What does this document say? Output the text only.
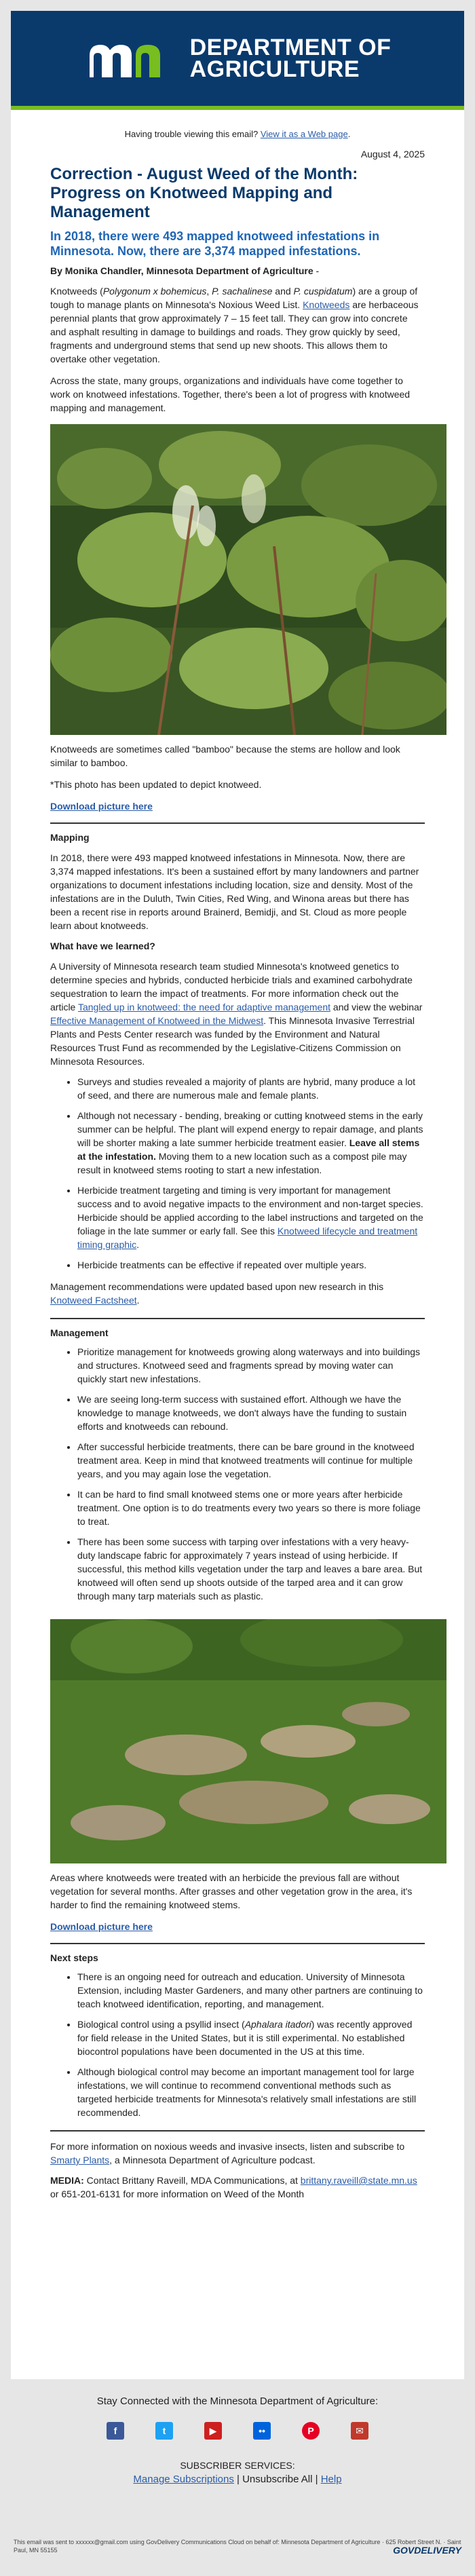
DEPARTMENT OF
AGRICULTURE
Having trouble viewing this email? View it as a Web page.
August 4, 2025
Correction - August Weed of the Month: Progress on Knotweed Mapping and Management
In 2018, there were 493 mapped knotweed infestations in Minnesota. Now, there are 3,374 mapped infestations.
By Monika Chandler, Minnesota Department of Agriculture -

Knotweeds (Polygonum x bohemicus, P. sachalinese and P. cuspidatum) are a group of tough to manage plants on Minnesota's Noxious Weed List. Knotweeds are herbaceous perennial plants that grow approximately 7 – 15 feet tall. They can grow into concrete and asphalt resulting in damage to buildings and roads. They grow quickly by seed, fragments and underground stems that send up new shoots. This allows them to overtake other vegetation.

Across the state, many groups, organizations and individuals have come together to work on knotweed infestations. Together, there's been a lot of progress with knotweed mapping and management.

Knotweeds are sometimes called "bamboo" because the stems are hollow and look similar to bamboo.

*This photo has been updated to depict knotweed.

Download picture here
Mapping

In 2018, there were 493 mapped knotweed infestations in Minnesota. Now, there are 3,374 mapped infestations. It's been a sustained effort by many landowners and partner organizations to document infestations including location, size and density. Most of the infestations are in the Duluth, Twin Cities, Red Wing, and Winona areas but there has been a recent rise in reports around Brainerd, Bemidji, and St. Cloud as more people learn about knotweeds.

What have we learned?

A University of Minnesota research team studied Minnesota's knotweed genetics to determine species and hybrids, conducted herbicide trials and examined carbohydrate sequestration to learn the impact of treatments. For more information check out the article Tangled up in knotweed: the need for adaptive management and view the webinar Effective Management of Knotweed in the Midwest. This Minnesota Invasive Terrestrial Plants and Pests Center research was funded by the Environment and Natural Resources Trust Fund as recommended by the Legislative-Citizens Commission on Minnesota Resources.

• Surveys and studies revealed a majority of plants are hybrid, many produce a lot of seed, and there are numerous male and female plants.
• Although not necessary - bending, breaking or cutting knotweed stems in the early summer can be helpful. The plant will expend energy to repair damage, and plants will be shorter making a late summer herbicide treatment easier. Leave all stems at the infestation. Moving them to a new location such as a compost pile may result in knotweed stems rooting to start a new infestation.
• Herbicide treatment targeting and timing is very important for management success and to avoid negative impacts to the environment and non-target species. Herbicide should be applied according to the label instructions and targeted on the foliage in the late summer or early fall. See this Knotweed lifecycle and treatment timing graphic.
• Herbicide treatments can be effective if repeated over multiple years.

Management recommendations were updated based upon new research in this Knotweed Factsheet.

Management
• Prioritize management for knotweeds growing along waterways and into buildings and structures. Knotweed seed and fragments spread by moving water can quickly start new infestations.
• We are seeing long-term success with sustained effort. Although we have the knowledge to manage knotweeds, we don't always have the funding to sustain efforts and knotweeds can rebound.
• After successful herbicide treatments, there can be bare ground in the knotweed treatment area. Keep in mind that knotweed treatments will continue for multiple years, and you may again lose the vegetation.
• It can be hard to find small knotweed stems one or more years after herbicide treatment. One option is to do treatments every two years so there is more foliage to treat.
• There has been some success with tarping over infestations with a very heavy-duty landscape fabric for approximately 7 years instead of using herbicide. If successful, this method kills vegetation under the tarp and leaves a bare area. But knotweed will often send up shoots outside of the tarped area and it can grow through many tarp materials such as plastic.
Areas where knotweeds were treated with an herbicide the previous fall are without vegetation for several months. After grasses and other vegetation grow in the area, it's harder to find the remaining knotweed stems.
Download picture here
Next steps
• There is an ongoing need for outreach and education. University of Minnesota Extension, including Master Gardeners, and many other partners are continuing to teach knotweed identification, reporting, and management.
• Biological control using a psyllid insect (Aphalara itadori) was recently approved for field release in the United States, but it is still experimental. No established biocontrol populations have been documented in the US at this time.
• Although biological control may become an important management tool for large infestations, we will continue to recommend conventional methods such as targeted herbicide treatments for Minnesota's relatively small infestations are still recommended.

For more information on noxious weeds and invasive insects, listen and subscribe to Smarty Plants, a Minnesota Department of Agriculture podcast.

MEDIA: Contact Brittany Raveill, MDA Communications, at brittany.raveill@state.mn.us or 651-201-6131 for more information on Weed of the Month
Stay Connected with the Minnesota Department of Agriculture:
f	t	▶	••	P	✉
SUBSCRIBER SERVICES:
Manage Subscriptions | Unsubscribe All | Help
This email was sent to xxxxxx@gmail.com using GovDelivery Communications Cloud on behalf of: Minnesota Department of Agriculture · 625 Robert Street N. · Saint Paul, MN 55155	GOVDELIVERY
